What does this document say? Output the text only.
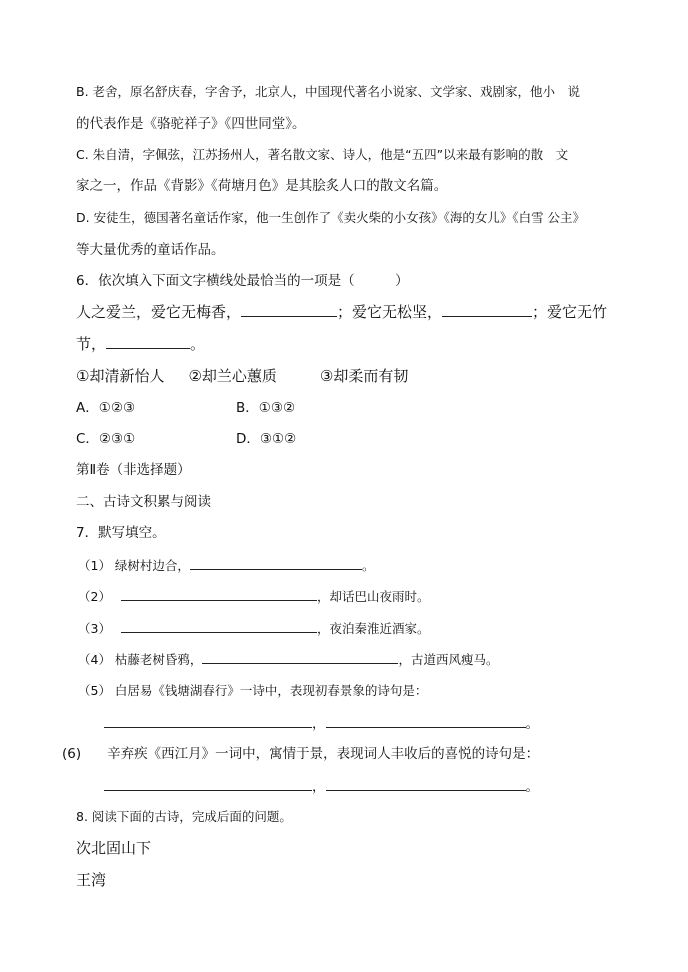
B. 老舍，原名舒庆春，字舍予，北京人，中国现代著名小说家、文学家、戏剧家，他小　说
的代表作是《骆驼祥子》《四世同堂》。
C. 朱自清，字佩弦，江苏扬州人，著名散文家、诗人，他是“五四”以来最有影响的散　文
家之一，作品《背影》《荷塘月色》是其脍炙人口的散文名篇。
D. 安徒生，德国著名童话作家，他一生创作了《卖火柴的小女孩》《海的女儿》《白雪 公主》
等大量优秀的童话作品。
6．依次填入下面文字横线处最恰当的一项是（　　　）
人之爱兰，爱它无梅香，	；爱它无松坚，	；爱它无竹
节，	。
①却清新怡人 ②却兰心蕙质	③却柔而有韧
A．①②③	B．①③②
C．②③①	D．③①②
第Ⅱ卷（非选择题）
二、古诗文积累与阅读
7．默写填空。
（1） 绿树村边合，	。
（2）	，却话巴山夜雨时。
（3）	，夜泊秦淮近酒家。
（4） 枯藤老树昏鸦，	，古道西风瘦马。
（5） 白居易《钱塘湖春行》一诗中，表现初春景象的诗句是：
，	。
(6) 辛弃疾《西江月》一词中，寓情于景，表现词人丰收后的喜悦的诗句是：
，	。
8. 阅读下面的古诗，完成后面的问题。
次北固山下
王湾
